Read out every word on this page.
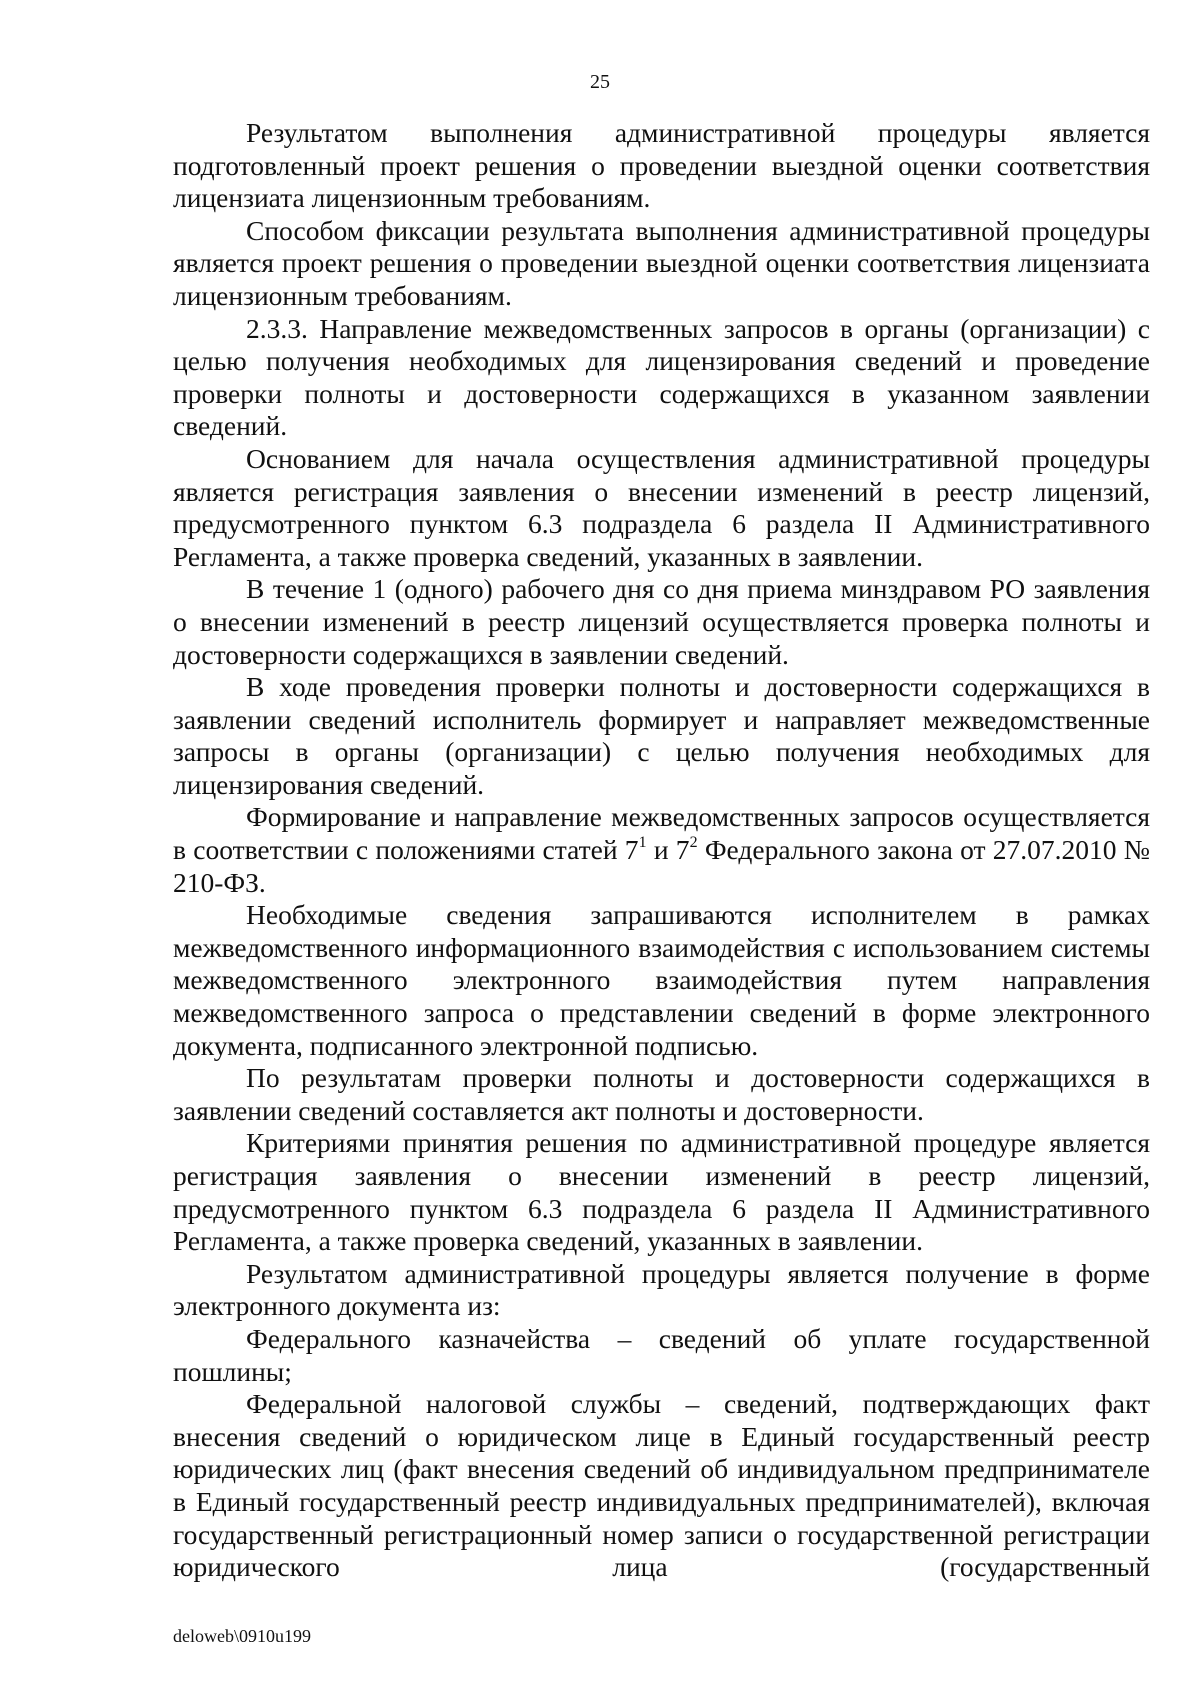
25

Результатом выполнения административной процедуры является подготовленный проект решения о проведении выездной оценки соответствия лицензиата лицензионным требованиям.

Способом фиксации результата выполнения административной процедуры является проект решения о проведении выездной оценки соответствия лицензиата лицензионным требованиям.

2.3.3. Направление межведомственных запросов в органы (организации) с целью получения необходимых для лицензирования сведений и проведение проверки полноты и достоверности содержащихся в указанном заявлении сведений.

Основанием для начала осуществления административной процедуры является регистрация заявления о внесении изменений в реестр лицензий, предусмотренного пунктом 6.3 подраздела 6 раздела II Административного Регламента, а также проверка сведений, указанных в заявлении.

В течение 1 (одного) рабочего дня со дня приема минздравом РО заявления о внесении изменений в реестр лицензий осуществляется проверка полноты и достоверности содержащихся в заявлении сведений.

В ходе проведения проверки полноты и достоверности содержащихся в заявлении сведений исполнитель формирует и направляет межведомственные запросы в органы (организации) с целью получения необходимых для лицензирования сведений.

Формирование и направление межведомственных запросов осуществляется в соответствии с положениями статей $7^1$ и $7^2$ Федерального закона от 27.07.2010 № 210-ФЗ.

Необходимые сведения запрашиваются исполнителем в рамках межведомственного информационного взаимодействия с использованием системы межведомственного электронного взаимодействия путем направления межведомственного запроса о представлении сведений в форме электронного документа, подписанного электронной подписью.

По результатам проверки полноты и достоверности содержащихся в заявлении сведений составляется акт полноты и достоверности.

Критериями принятия решения по административной процедуре является регистрация заявления о внесении изменений в реестр лицензий, предусмотренного пунктом 6.3 подраздела 6 раздела II Административного Регламента, а также проверка сведений, указанных в заявлении.

Результатом административной процедуры является получение в форме электронного документа из:

Федерального казначейства – сведений об уплате государственной пошлины;

Федеральной налоговой службы – сведений, подтверждающих факт внесения сведений о юридическом лице в Единый государственный реестр юридических лиц (факт внесения сведений об индивидуальном предпринимателе в Единый государственный реестр индивидуальных предпринимателей), включая государственный регистрационный номер записи о государственной регистрации юридического лица (государственный

deloweb\0910u199
